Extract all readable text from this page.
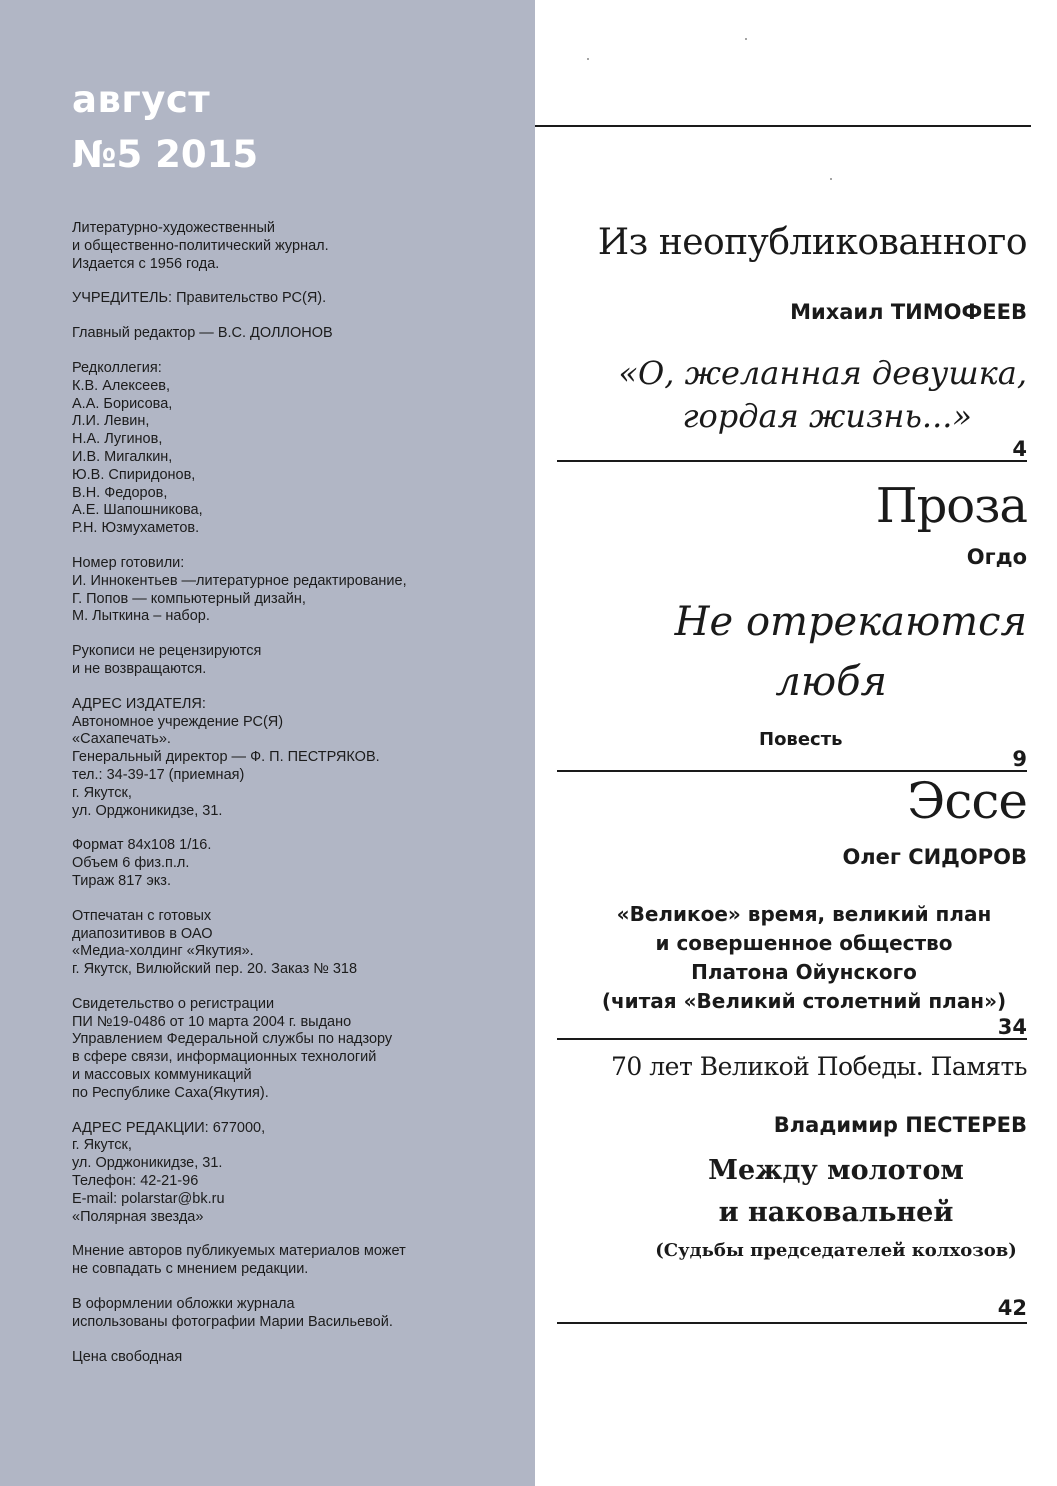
август
№5 2015
Литературно-художественный
и общественно-политический журнал.
Издается с 1956 года.
УЧРЕДИТЕЛЬ: Правительство РС(Я).
Главный редактор — В.С. ДОЛЛОНОВ
Редколлегия:
К.В. Алексеев,
А.А. Борисова,
Л.И. Левин,
Н.А. Лугинов,
И.В. Мигалкин,
Ю.В. Спиридонов,
В.Н. Федоров,
А.Е. Шапошникова,
Р.Н. Юзмухаметов.
Номер готовили:
И. Иннокентьев —литературное редактирование,
Г. Попов — компьютерный дизайн,
М. Лыткина – набор.
Рукописи не рецензируются
и не возвращаются.
АДРЕС ИЗДАТЕЛЯ:
Автономное учреждение РС(Я)
«Сахапечать».
Генеральный директор — Ф. П. ПЕСТРЯКОВ.
тел.: 34-39-17 (приемная)
г. Якутск,
ул. Орджоникидзе, 31.
Формат 84х108 1/16.
Объем 6 физ.п.л.
Тираж 817 экз.
Отпечатан с готовых
диапозитивов в ОАО
«Медиа-холдинг «Якутия».
г. Якутск, Вилюйский пер. 20. Заказ № 318
Свидетельство о регистрации
ПИ №19-0486 от 10 марта 2004 г. выдано
Управлением Федеральной службы по надзору
в сфере связи, информационных технологий
и массовых коммуникаций
по Республике Саха(Якутия).
АДРЕС РЕДАКЦИИ: 677000,
г. Якутск,
ул. Орджоникидзе, 31.
Телефон: 42-21-96
E-mail: polarstar@bk.ru
«Полярная звезда»
Мнение авторов публикуемых материалов может
не совпадать с мнением редакции.
В оформлении обложки журнала
использованы фотографии Марии Васильевой.
Цена свободная
Из неопубликованного
Михаил ТИМОФЕЕВ
«О, желанная девушка,
гордая жизнь...»
4
Проза
Огдо
Не отрекаются
любя
Повесть
9
Эссе
Олег СИДОРОВ
«Великое» время, великий план
и совершенное общество
Платона Ойунского
(читая «Великий столетний план»)
34
70 лет Великой Победы. Память
Владимир ПЕСТЕРЕВ
Между молотом
и наковальней
(Судьбы председателей колхозов)
42
